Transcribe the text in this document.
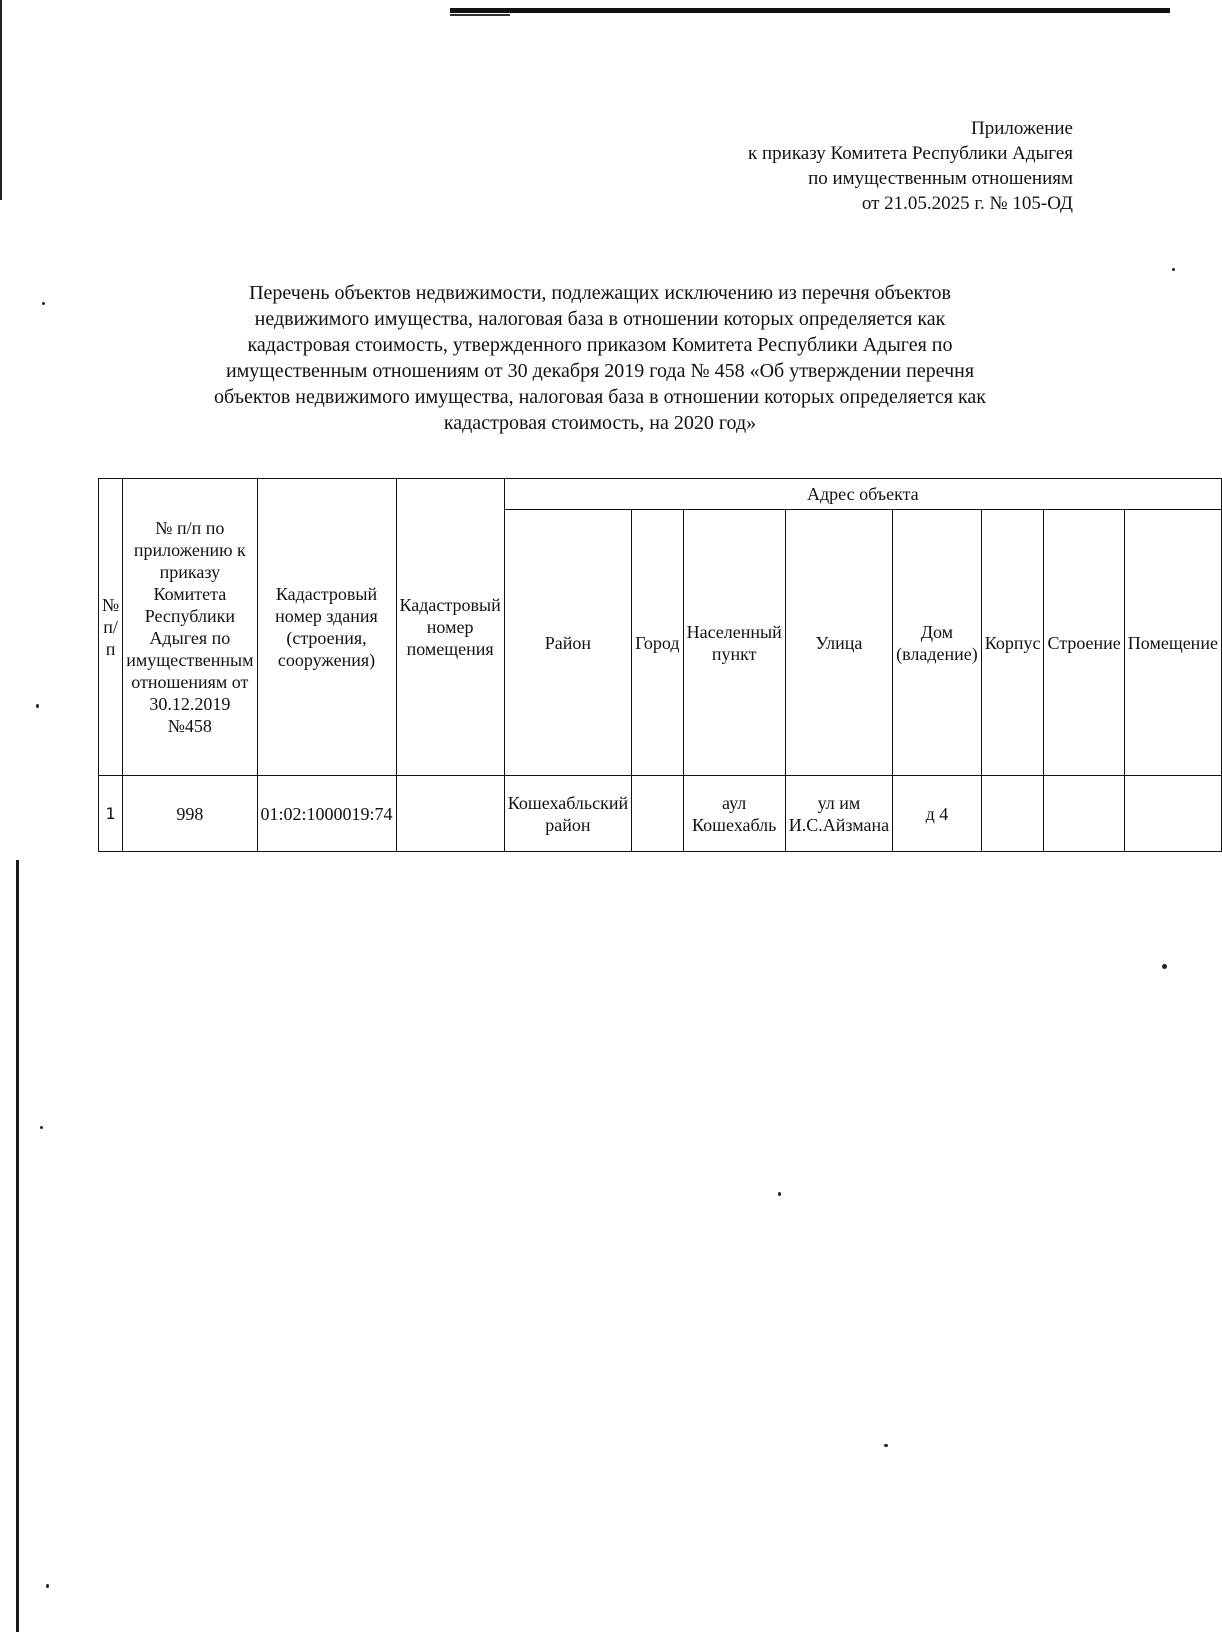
Приложение
к приказу Комитета Республики Адыгея
по имущественным отношениям
от 21.05.2025 г. № 105-ОД
Перечень объектов недвижимости, подлежащих исключению из перечня объектов
недвижимого имущества, налоговая база в отношении которых определяется как
кадастровая стоимость, утвержденного приказом Комитета Республики Адыгея по
имущественным отношениям от 30 декабря 2019 года № 458 «Об утверждении перечня
объектов недвижимого имущества, налоговая база в отношении которых определяется как
кадастровая стоимость, на 2020 год»
№ п/п	№ п/п по приложению к приказу Комитета Республики Адыгея по имущественным отношениям от 30.12.2019 №458	Кадастровый номер здания (строения, сооружения)	Кадастровый номер помещения	Адрес объекта							
				Район	Город	Населенный пункт	Улица	Дом (владение)	Корпус	Строение	Помещение
1	998	01:02:1000019:74		Кошехабльский район		аул Кошехабль	ул им И.С.Айзмана	д 4			
